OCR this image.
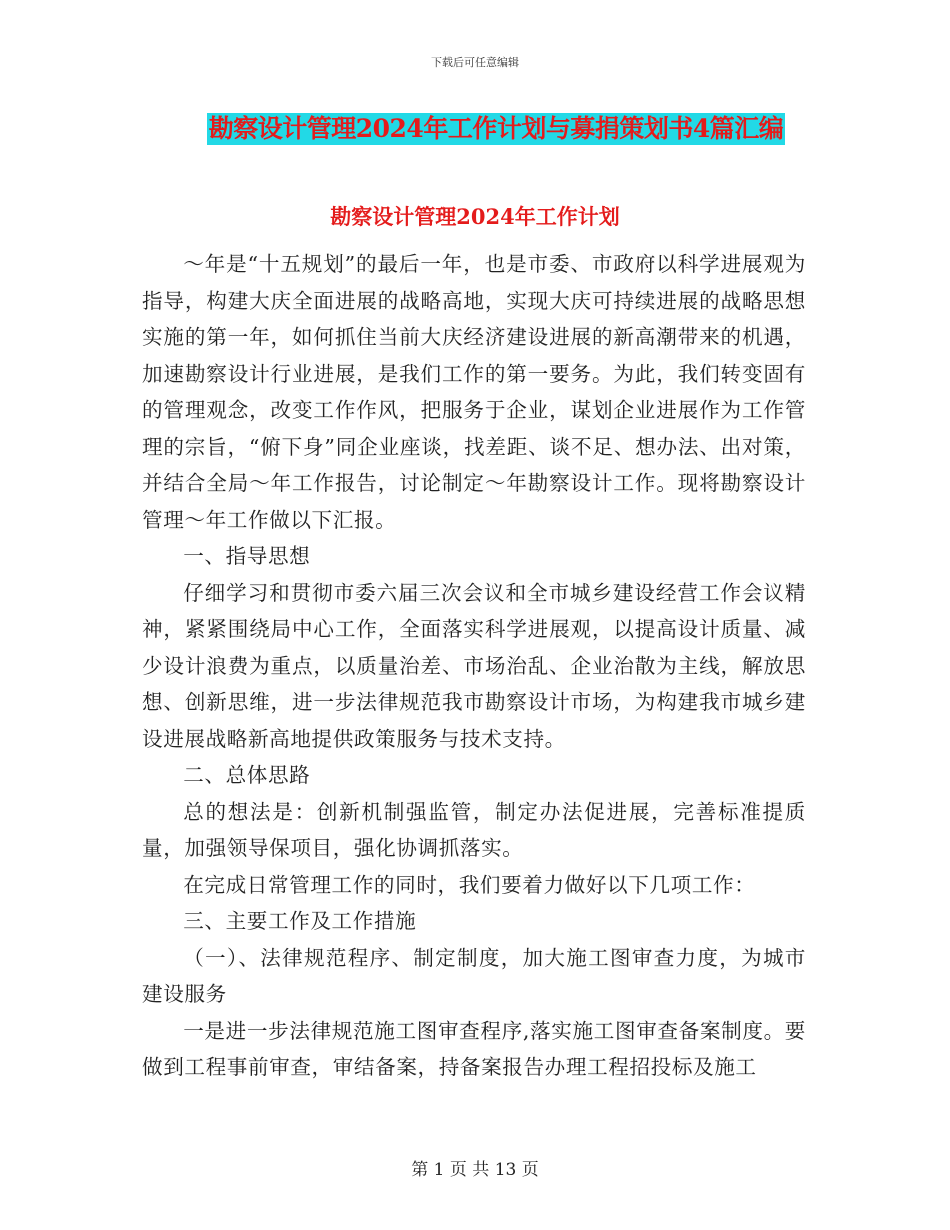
下载后可任意编辑
勘察设计管理2024年工作计划与募捐策划书4篇汇编
勘察设计管理2024年工作计划

～年是“十五规划”的最后一年，也是市委、市政府以科学进展观为指导，构建大庆全面进展的战略高地，实现大庆可持续进展的战略思想实施的第一年，如何抓住当前大庆经济建设进展的新高潮带来的机遇，加速勘察设计行业进展，是我们工作的第一要务。为此，我们转变固有的管理观念，改变工作作风，把服务于企业，谋划企业进展作为工作管理的宗旨，“俯下身”同企业座谈，找差距、谈不足、想办法、出对策，并结合全局～年工作报告，讨论制定～年勘察设计工作。现将勘察设计管理～年工作做以下汇报。

一、指导思想

仔细学习和贯彻市委六届三次会议和全市城乡建设经营工作会议精神，紧紧围绕局中心工作，全面落实科学进展观，以提高设计质量、减少设计浪费为重点，以质量治差、市场治乱、企业治散为主线，解放思想、创新思维，进一步法律规范我市勘察设计市场，为构建我市城乡建设进展战略新高地提供政策服务与技术支持。

二、总体思路

总的想法是：创新机制强监管，制定办法促进展，完善标准提质量，加强领导保项目，强化协调抓落实。

在完成日常管理工作的同时，我们要着力做好以下几项工作：

三、主要工作及工作措施

（一）、法律规范程序、制定制度，加大施工图审查力度，为城市建设服务

一是进一步法律规范施工图审查程序,落实施工图审查备案制度。要做到工程事前审查，审结备案，持备案报告办理工程招投标及施工

第 1 页 共 13 页
